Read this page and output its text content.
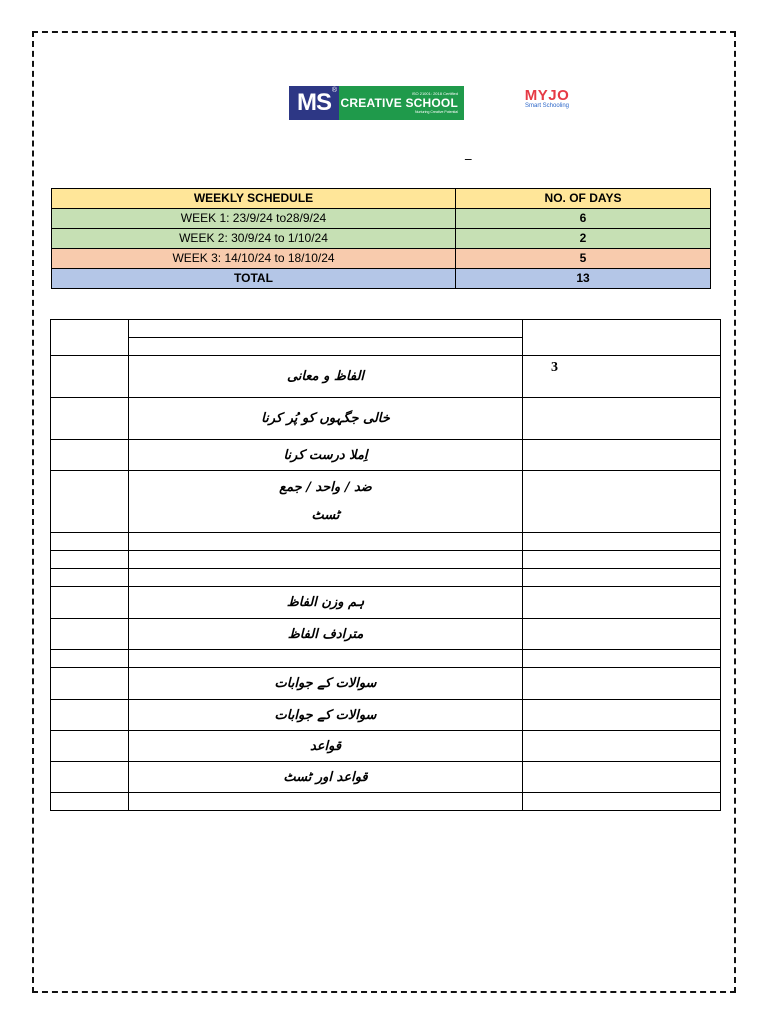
MS ®	ISO 21001: 2018 Certified
CREATIVE SCHOOL
Nurturing Creative Potential
MYJO
Smart Schooling
_
WEEKLY SCHEDULE	NO. OF DAYS
WEEK 1: 23/9/24 to28/9/24	6
WEEK 2: 30/9/24 to 1/10/24	2
WEEK 3: 14/10/24 to 18/10/24	5
TOTAL	13

	الفاظ و معانی	3
	خالی جگہوں کو پُر کرنا	
	اِملا درست کرنا	

	ضد / واحد / جمع
ٹسٹ	

	ہم وزن الفاظ	
	مترادف الفاظ	

	سوالات کے جوابات	
	سوالات کے جوابات	
	قواعد	
	قواعد اور ٹسٹ	
